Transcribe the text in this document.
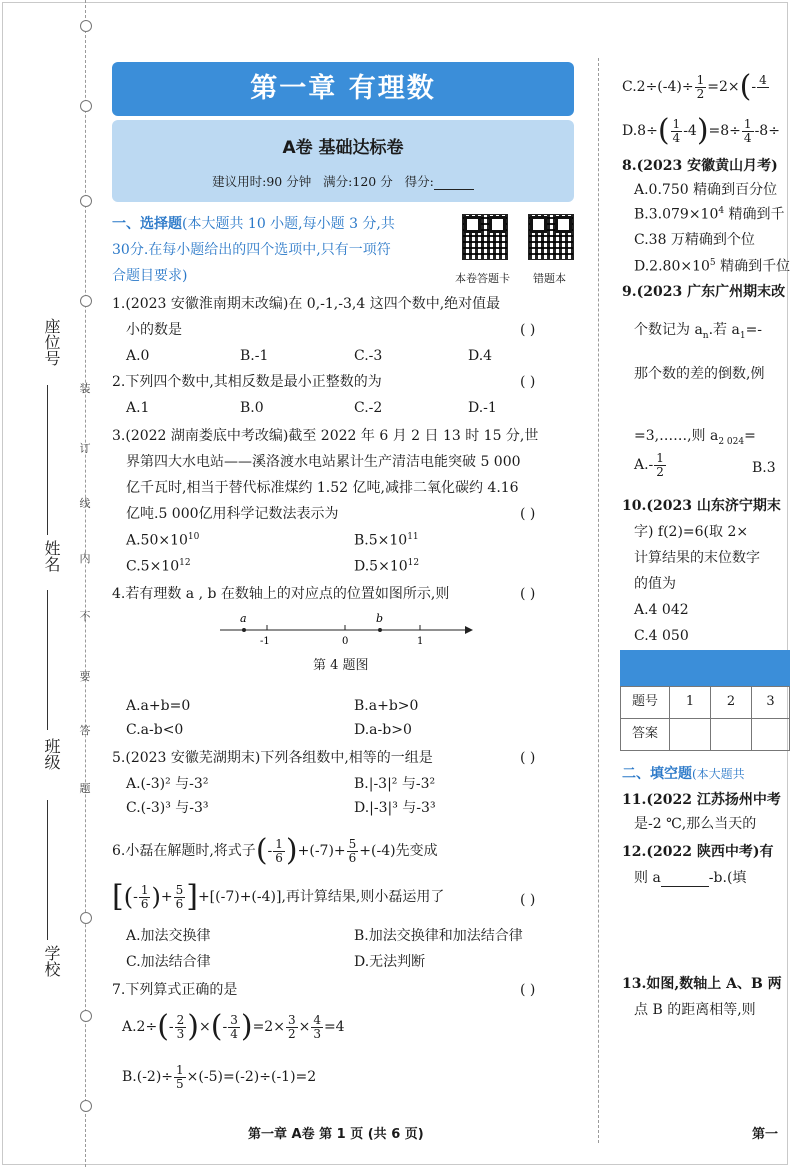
装
订
线
内
不
要
答
题
座位号
姓名
班级
学校
第一章 有理数
A卷 基础达标卷
建议用时:90 分钟 满分:120 分 得分:
本卷答题卡 错题本
一、选择题(本大题共 10 小题,每小题 3 分,共
30分.在每小题给出的四个选项中,只有一项符
合题目要求)
1.(2023 安徽淮南期末改编)在 0,-1,-3,4 这四个数中,绝对值最
小的数是	( )
A.0	B.-1	C.-3	D.4
2.下列四个数中,其相反数是最小正整数的为	( )
A.1	B.0	C.-2	D.-1
3.(2022 湖南娄底中考改编)截至 2022 年 6 月 2 日 13 时 15 分,世
界第四大水电站——溪洛渡水电站累计生产清洁电能突破 5 000
亿千瓦时,相当于替代标准煤约 1.52 亿吨,减排二氧化碳约 4.16
亿吨.5 000亿用科学记数法表示为	( )
$A.50\times 10^{10}$	$B.5\times 10^{11}$
$C.5\times 10^{12}$	$D.5\times 10^{12}$
4.若有理数 a , b 在数轴上的对应点的位置如图所示,则	( )
a	b
-1	0	1
第 4 题图
A.a+b=0	B.a+b>0
C.a-b<0	D.a-b>0
5.(2023 安徽芜湖期末)下列各组数中,相等的一组是	( )
A.(-3)² 与-3²	B.|-3|² 与-3²
C.(-3)³ 与-3³	D.|-3|³ 与-3³
6.小磊在解题时,将式子(- $\frac{1}{6} )+(-7)+ \frac{5}{6} +(-4)$先变成
[(- $\frac{1}{6}$ )+ $\frac{5}{6} ]+[(-7)+(-4)]$,再计算结果,则小磊运用了	( )
A.加法交换律	B.加法交换律和加法结合律
C.加法结合律	D.无法判断
7.下列算式正确的是	( )
$A.2\div(- \frac{2}{3}$ )×(- $\frac{3}{4} )=2\times \frac{3}{2} \times \frac{4}{3} =4$
$B.(-2)\div \frac{1}{5} \times(-5)=(-2)\div(-1)=2$
$C.2\div(-4)\div \frac{1}{2} =2\times(-$ 4

$D.8\div( \frac{1}{4} -4)=8\div \frac{1}{4} -8\div$
8.(2023 安徽黄山月考)
A.0.750 精确到百分位
$B.3.079\times 10^4$ 精确到千
C.38 万精确到个位
$D.2.80\times 10^5$ 精确到千位
9.(2023 广东广州期末改
个数记为 $a_n$.若 $a_1=-$
那个数的差的倒数,例
=3,……,则 $a_{2 024}=$
$A.- \frac{1}{2}$	B.3
10.(2023 山东济宁期末
字) f(2)=6(取 2×
计算结果的末位数字
的值为
A.4 042
C.4 050
题号	1	2	3
答案
二、填空题(本大题共
11.(2022 江苏扬州中考
是-2 ℃,那么当天的
12.(2022 陕西中考)有
则 a	-b.(填
13.如图,数轴上 A、B 两
点 B 的距离相等,则
第一章 A卷 第 1 页 (共 6 页)	第一
